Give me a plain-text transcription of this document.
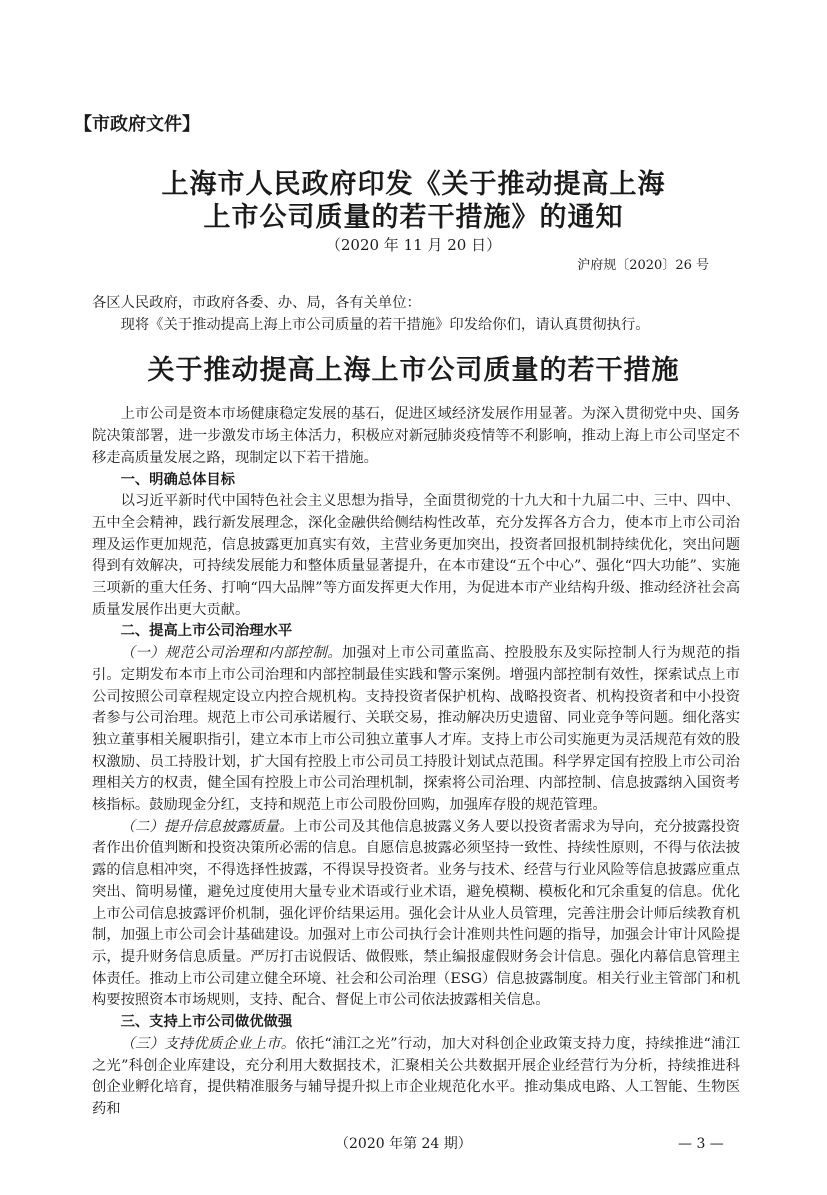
【市政府文件】
上海市人民政府印发《关于推动提高上海
上市公司质量的若干措施》的通知
（2020 年 11 月 20 日）
沪府规〔2020〕26 号
各区人民政府，市政府各委、办、局，各有关单位：
现将《关于推动提高上海上市公司质量的若干措施》印发给你们，请认真贯彻执行。
关于推动提高上海上市公司质量的若干措施

上市公司是资本市场健康稳定发展的基石，促进区域经济发展作用显著。为深入贯彻党中央、国务院决策部署，进一步激发市场主体活力，积极应对新冠肺炎疫情等不利影响，推动上海上市公司坚定不移走高质量发展之路，现制定以下若干措施。

一、明确总体目标

以习近平新时代中国特色社会主义思想为指导，全面贯彻党的十九大和十九届二中、三中、四中、五中全会精神，践行新发展理念，深化金融供给侧结构性改革，充分发挥各方合力，使本市上市公司治理及运作更加规范，信息披露更加真实有效，主营业务更加突出，投资者回报机制持续优化，突出问题得到有效解决，可持续发展能力和整体质量显著提升，在本市建设“五个中心”、强化“四大功能”、实施三项新的重大任务、打响“四大品牌”等方面发挥更大作用，为促进本市产业结构升级、推动经济社会高质量发展作出更大贡献。

二、提高上市公司治理水平

（一）规范公司治理和内部控制。加强对上市公司董监高、控股股东及实际控制人行为规范的指引。定期发布本市上市公司治理和内部控制最佳实践和警示案例。增强内部控制有效性，探索试点上市公司按照公司章程规定设立内控合规机构。支持投资者保护机构、战略投资者、机构投资者和中小投资者参与公司治理。规范上市公司承诺履行、关联交易，推动解决历史遗留、同业竞争等问题。细化落实独立董事相关履职指引，建立本市上市公司独立董事人才库。支持上市公司实施更为灵活规范有效的股权激励、员工持股计划，扩大国有控股上市公司员工持股计划试点范围。科学界定国有控股上市公司治理相关方的权责，健全国有控股上市公司治理机制，探索将公司治理、内部控制、信息披露纳入国资考核指标。鼓励现金分红，支持和规范上市公司股份回购，加强库存股的规范管理。

（二）提升信息披露质量。上市公司及其他信息披露义务人要以投资者需求为导向，充分披露投资者作出价值判断和投资决策所必需的信息。自愿信息披露必须坚持一致性、持续性原则，不得与依法披露的信息相冲突，不得选择性披露，不得误导投资者。业务与技术、经营与行业风险等信息披露应重点突出、简明易懂，避免过度使用大量专业术语或行业术语，避免模糊、模板化和冗余重复的信息。优化上市公司信息披露评价机制，强化评价结果运用。强化会计从业人员管理，完善注册会计师后续教育机制，加强上市公司会计基础建设。加强对上市公司执行会计准则共性问题的指导，加强会计审计风险提示，提升财务信息质量。严厉打击说假话、做假账，禁止编报虚假财务会计信息。强化内幕信息管理主体责任。推动上市公司建立健全环境、社会和公司治理（ESG）信息披露制度。相关行业主管部门和机构要按照资本市场规则，支持、配合、督促上市公司依法披露相关信息。

三、支持上市公司做优做强

（三）支持优质企业上市。依托“浦江之光”行动，加大对科创企业政策支持力度，持续推进“浦江之光”科创企业库建设，充分利用大数据技术，汇聚相关公共数据开展企业经营行为分析，持续推进科创企业孵化培育，提供精准服务与辅导提升拟上市企业规范化水平。推动集成电路、人工智能、生物医药和

（2020 年第 24 期）	— 3 —
